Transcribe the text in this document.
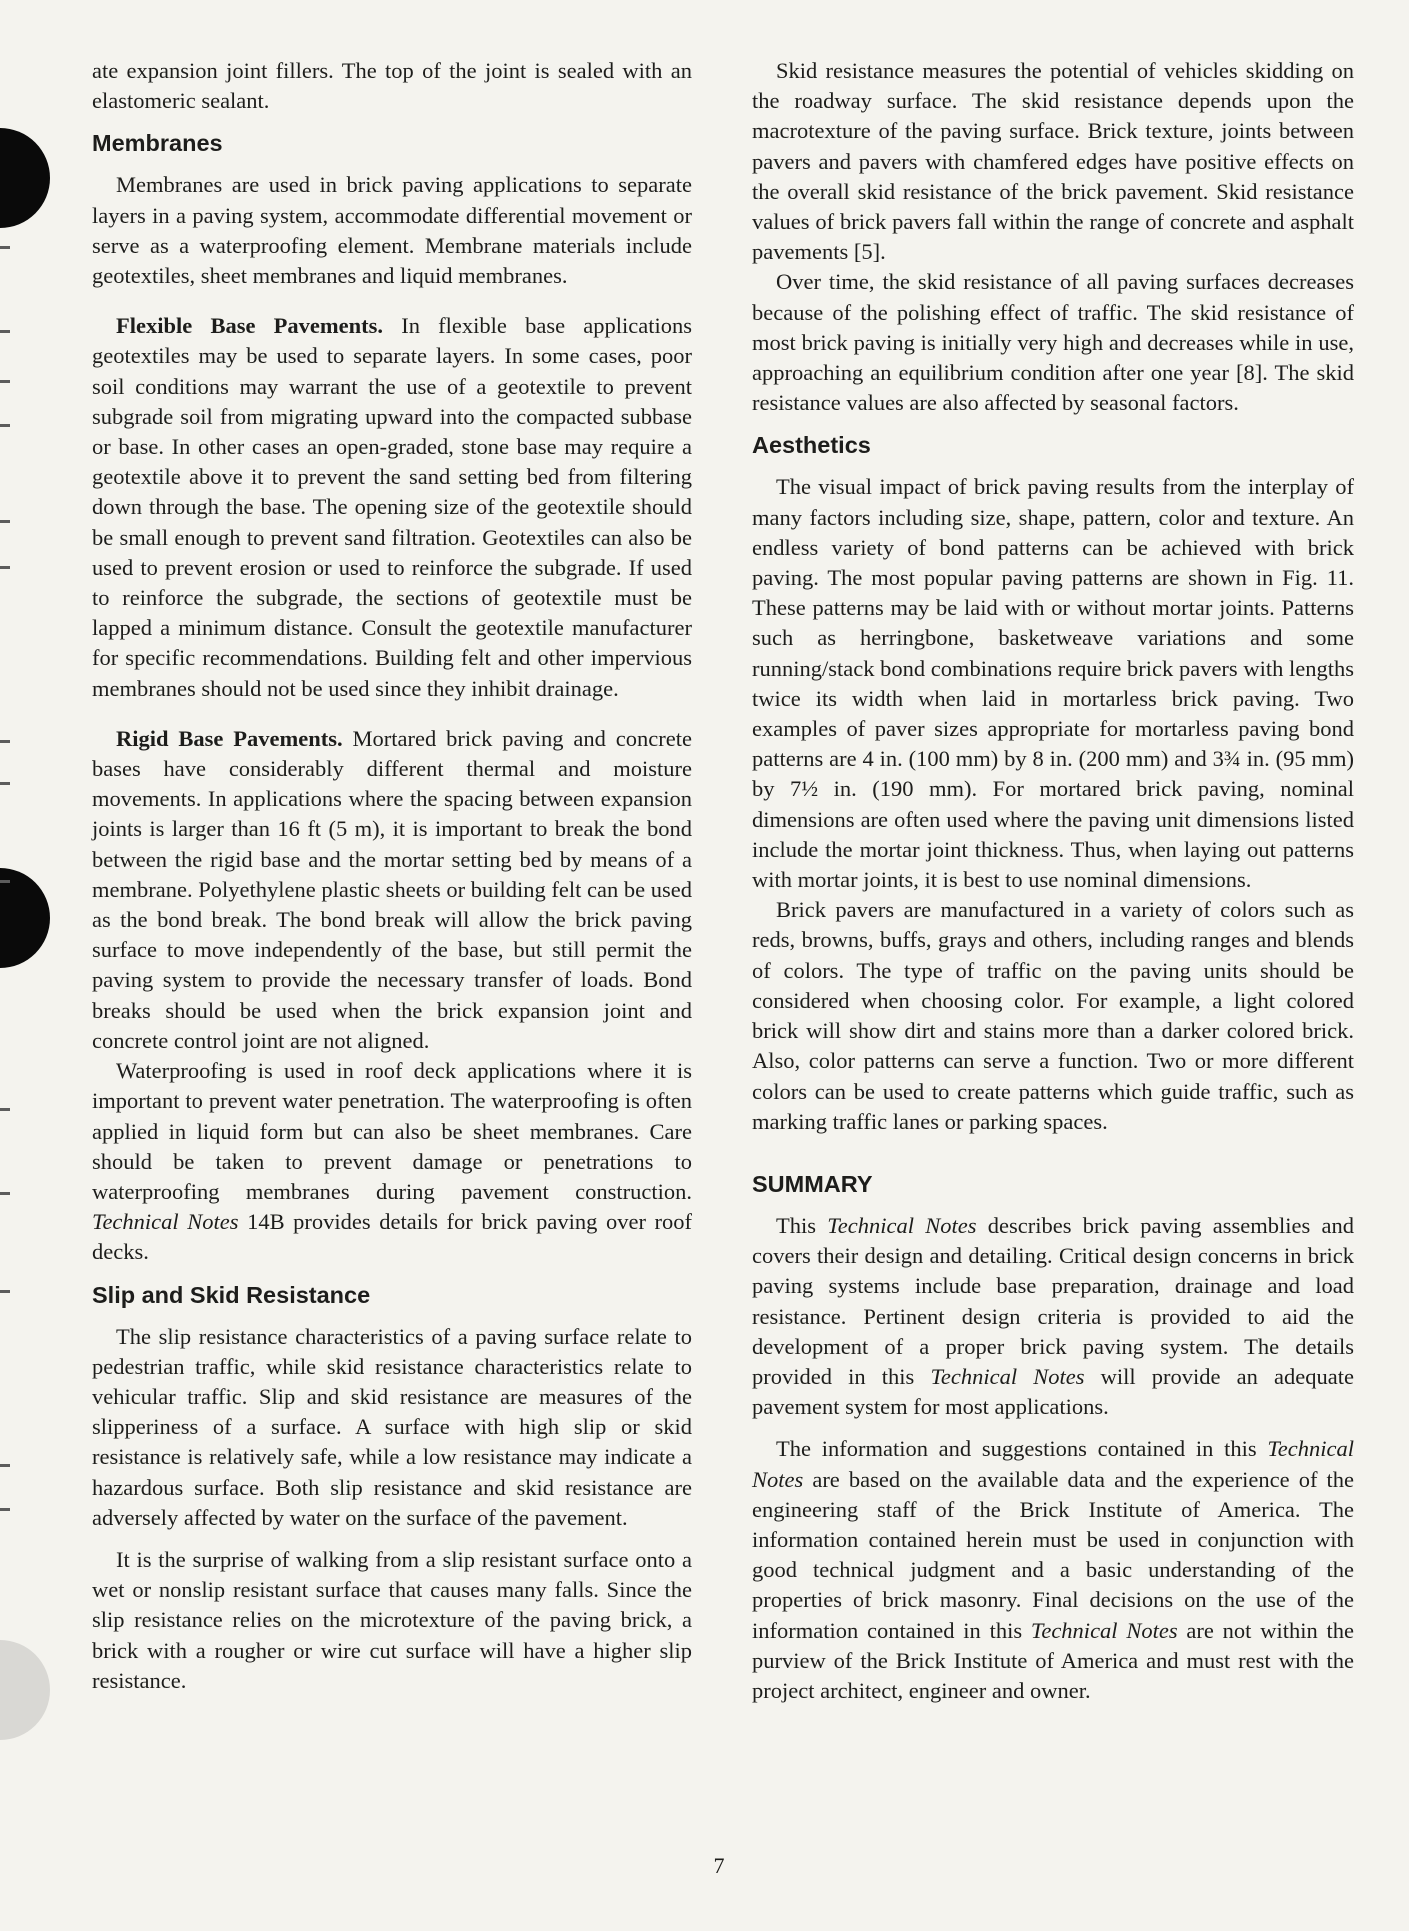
ate expansion joint fillers. The top of the joint is sealed with an elastomeric sealant.

Membranes

Membranes are used in brick paving applications to separate layers in a paving system, accommodate differential movement or serve as a waterproofing element. Membrane materials include geotextiles, sheet membranes and liquid membranes.

Flexible Base Pavements. In flexible base applications geotextiles may be used to separate layers. In some cases, poor soil conditions may warrant the use of a geotextile to prevent subgrade soil from migrating upward into the compacted subbase or base. In other cases an open-graded, stone base may require a geotextile above it to prevent the sand setting bed from filtering down through the base. The opening size of the geotextile should be small enough to prevent sand filtration. Geotextiles can also be used to prevent erosion or used to reinforce the subgrade. If used to reinforce the subgrade, the sections of geotextile must be lapped a minimum distance. Consult the geotextile manufacturer for specific recommendations. Building felt and other impervious membranes should not be used since they inhibit drainage.

Rigid Base Pavements. Mortared brick paving and concrete bases have considerably different thermal and moisture movements. In applications where the spacing between expansion joints is larger than 16 ft (5 m), it is important to break the bond between the rigid base and the mortar setting bed by means of a membrane. Polyethylene plastic sheets or building felt can be used as the bond break. The bond break will allow the brick paving surface to move independently of the base, but still permit the paving system to provide the necessary transfer of loads. Bond breaks should be used when the brick expansion joint and concrete control joint are not aligned.

Waterproofing is used in roof deck applications where it is important to prevent water penetration. The waterproofing is often applied in liquid form but can also be sheet membranes. Care should be taken to prevent damage or penetrations to waterproofing membranes during pavement construction. Technical Notes 14B provides details for brick paving over roof decks.

Slip and Skid Resistance

The slip resistance characteristics of a paving surface relate to pedestrian traffic, while skid resistance characteristics relate to vehicular traffic. Slip and skid resistance are measures of the slipperiness of a surface. A surface with high slip or skid resistance is relatively safe, while a low resistance may indicate a hazardous surface. Both slip resistance and skid resistance are adversely affected by water on the surface of the pavement.

It is the surprise of walking from a slip resistant surface onto a wet or nonslip resistant surface that causes many falls. Since the slip resistance relies on the microtexture of the paving brick, a brick with a rougher or wire cut surface will have a higher slip resistance.

Skid resistance measures the potential of vehicles skidding on the roadway surface. The skid resistance depends upon the macrotexture of the paving surface. Brick texture, joints between pavers and pavers with chamfered edges have positive effects on the overall skid resistance of the brick pavement. Skid resistance values of brick pavers fall within the range of concrete and asphalt pavements [5].

Over time, the skid resistance of all paving surfaces decreases because of the polishing effect of traffic. The skid resistance of most brick paving is initially very high and decreases while in use, approaching an equilibrium condition after one year [8]. The skid resistance values are also affected by seasonal factors.

Aesthetics

The visual impact of brick paving results from the interplay of many factors including size, shape, pattern, color and texture. An endless variety of bond patterns can be achieved with brick paving. The most popular paving patterns are shown in Fig. 11. These patterns may be laid with or without mortar joints. Patterns such as herringbone, basketweave variations and some running/stack bond combinations require brick pavers with lengths twice its width when laid in mortarless brick paving. Two examples of paver sizes appropriate for mortarless paving bond patterns are 4 in. (100 mm) by 8 in. (200 mm) and 3¾ in. (95 mm) by 7½ in. (190 mm). For mortared brick paving, nominal dimensions are often used where the paving unit dimensions listed include the mortar joint thickness. Thus, when laying out patterns with mortar joints, it is best to use nominal dimensions.

Brick pavers are manufactured in a variety of colors such as reds, browns, buffs, grays and others, including ranges and blends of colors. The type of traffic on the paving units should be considered when choosing color. For example, a light colored brick will show dirt and stains more than a darker colored brick. Also, color patterns can serve a function. Two or more different colors can be used to create patterns which guide traffic, such as marking traffic lanes or parking spaces.

SUMMARY

This Technical Notes describes brick paving assemblies and covers their design and detailing. Critical design concerns in brick paving systems include base preparation, drainage and load resistance. Pertinent design criteria is provided to aid the development of a proper brick paving system. The details provided in this Technical Notes will provide an adequate pavement system for most applications.

The information and suggestions contained in this Technical Notes are based on the available data and the experience of the engineering staff of the Brick Institute of America. The information contained herein must be used in conjunction with good technical judgment and a basic understanding of the properties of brick masonry. Final decisions on the use of the information contained in this Technical Notes are not within the purview of the Brick Institute of America and must rest with the project architect, engineer and owner.

7
